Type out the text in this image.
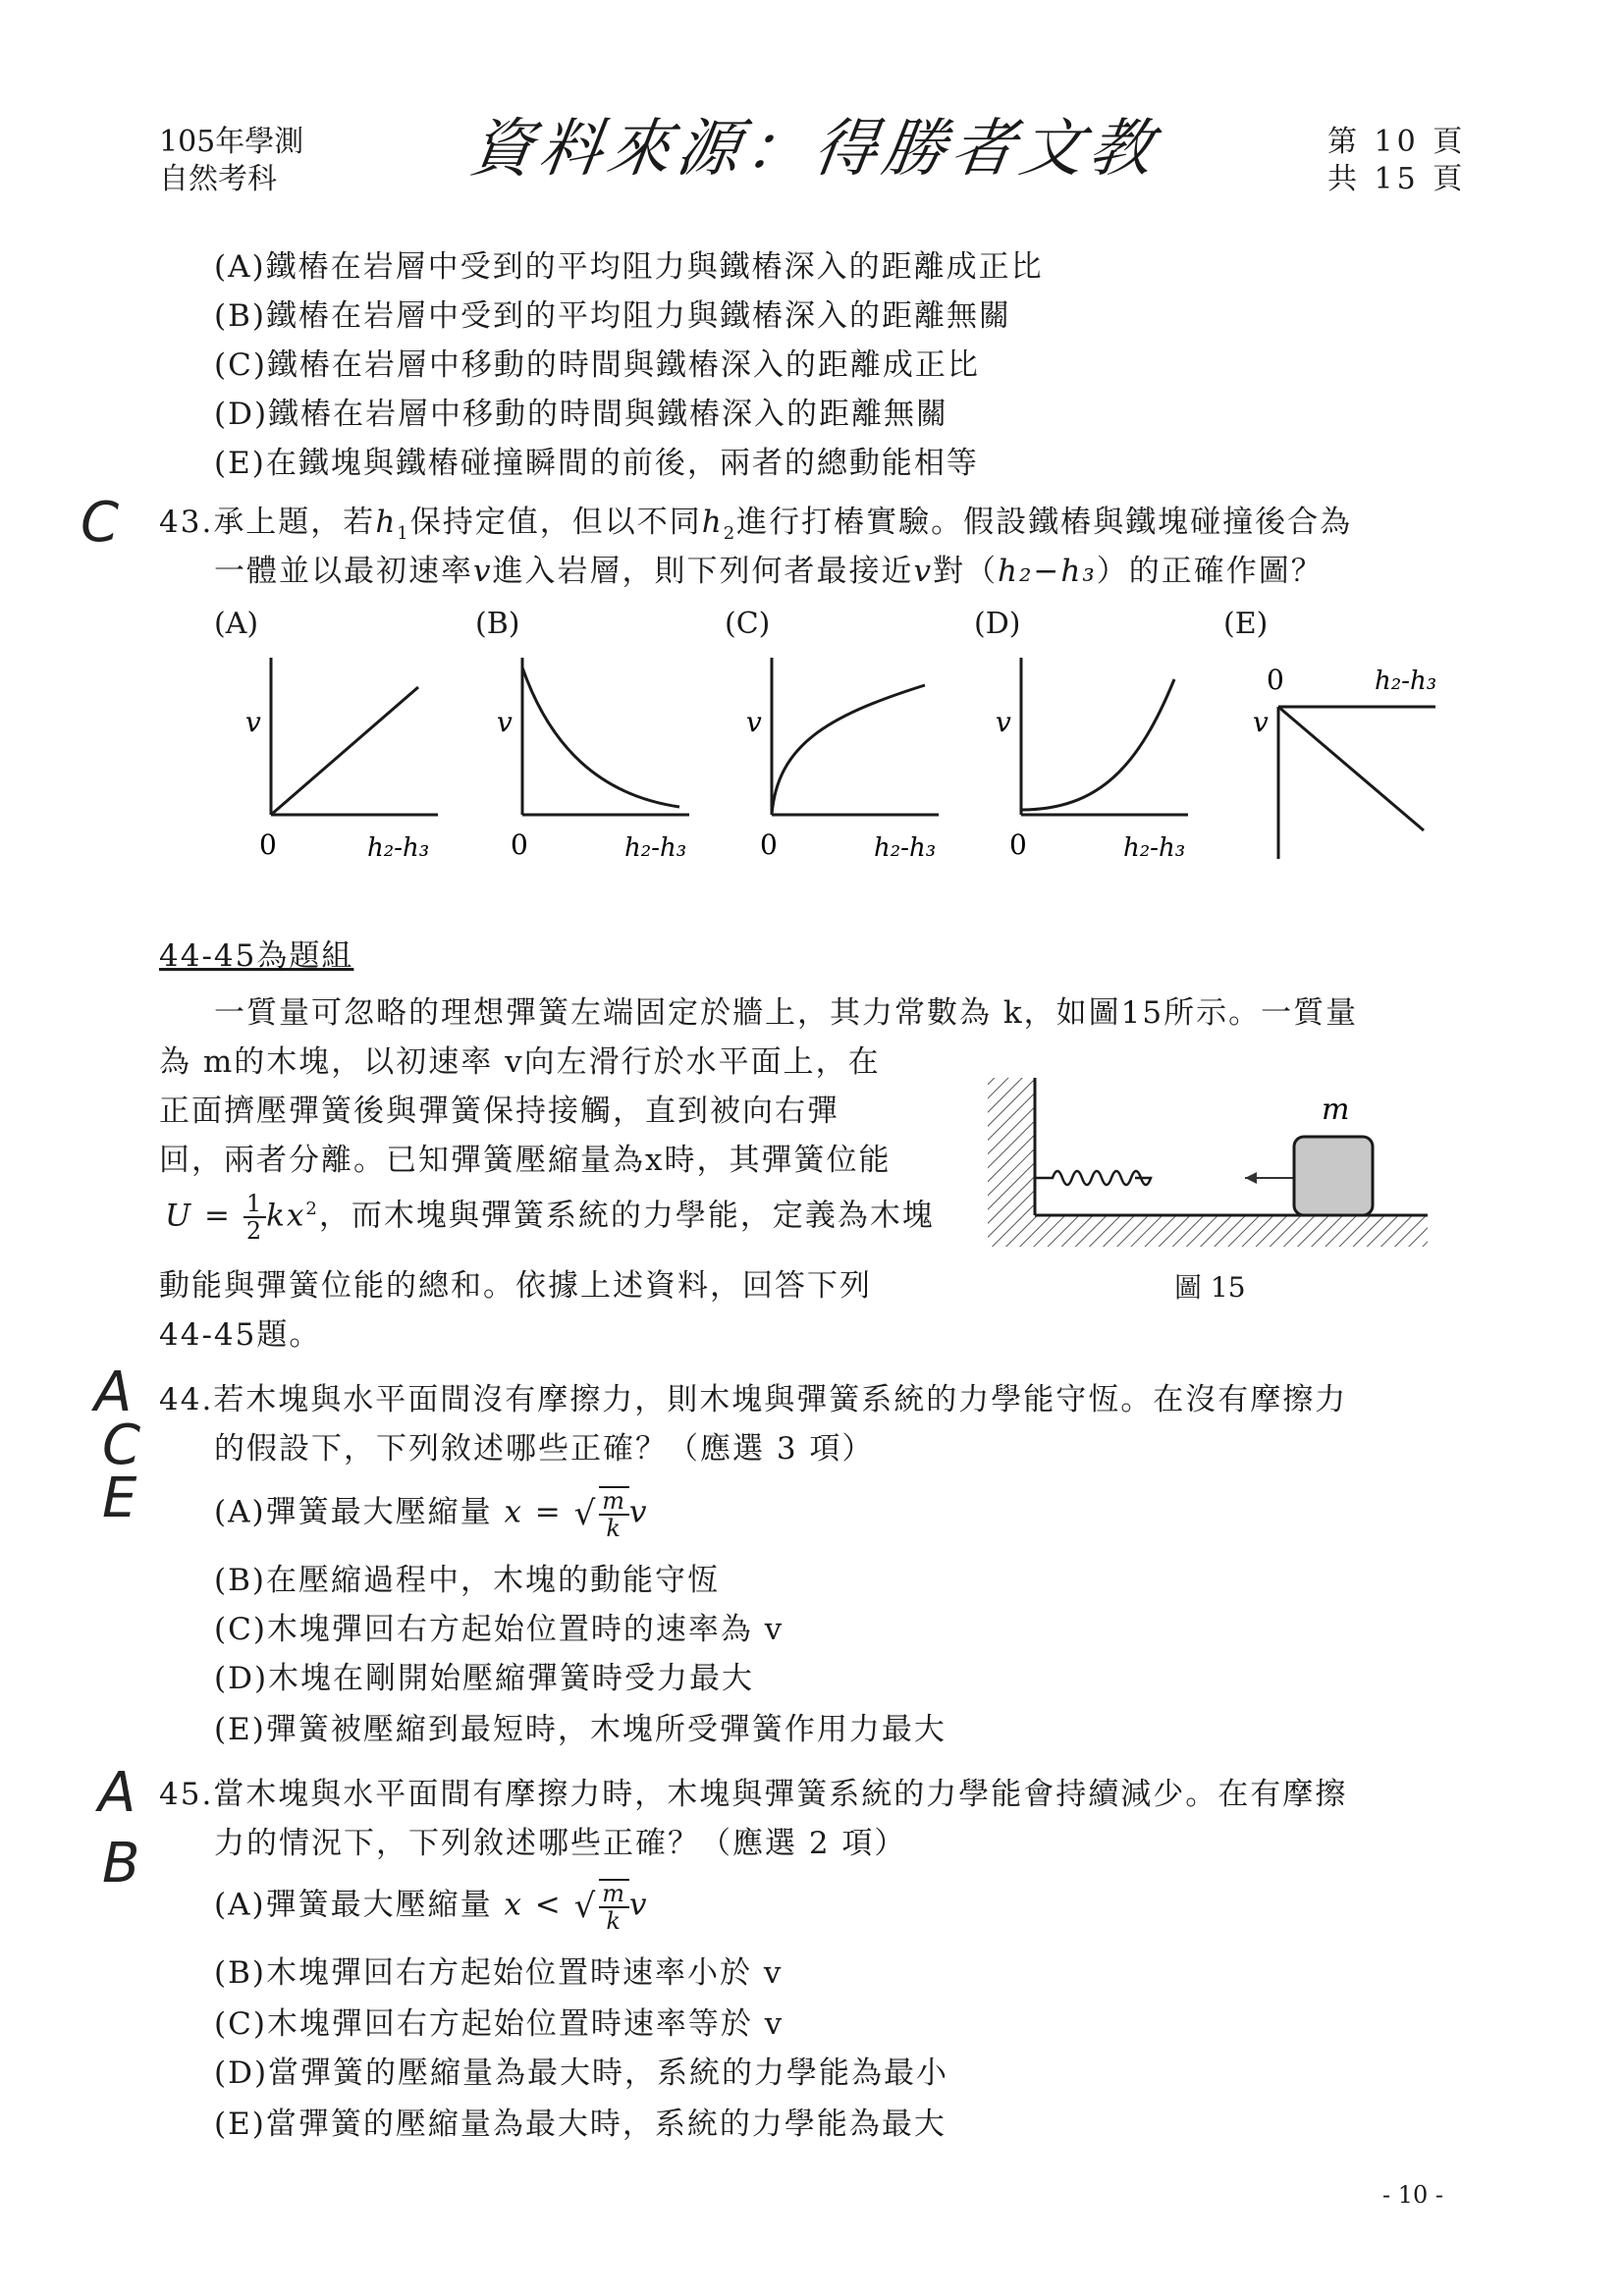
105年學測
自然考科	資料來源：得勝者文教	第 10 頁
共 15 頁
(A)鐵樁在岩層中受到的平均阻力與鐵樁深入的距離成正比
(B)鐵樁在岩層中受到的平均阻力與鐵樁深入的距離無關
(C)鐵樁在岩層中移動的時間與鐵樁深入的距離成正比
(D)鐵樁在岩層中移動的時間與鐵樁深入的距離無關
(E)在鐵塊與鐵樁碰撞瞬間的前後，兩者的總動能相等
C 43.承上題，若$h_1$保持定值，但以不同$h_2$進行打樁實驗。假設鐵樁與鐵塊碰撞後合為
一體並以最初速率v進入岩層，則下列何者最接近v對（h₂−h₃）的正確作圖？
(A)	(B)	(C)	(D)	(E)
v
0	h₂-h₃
v
0	h₂-h₃
v
0	h₂-h₃
v
0	h₂-h₃
v
0	h₂-h₃
44-45為題組
一質量可忽略的理想彈簧左端固定於牆上，其力常數為 k，如圖15所示。一質量
為 m的木塊，以初速率 v向左滑行於水平面上，在
正面擠壓彈簧後與彈簧保持接觸，直到被向右彈
回，兩者分離。已知彈簧壓縮量為x時，其彈簧位能
$U = \frac{1}{2} kx^2$，而木塊與彈簧系統的力學能，定義為木塊
動能與彈簧位能的總和。依據上述資料，回答下列
44-45題。
m
圖 15
A
C
E
44.若木塊與水平面間沒有摩擦力，則木塊與彈簧系統的力學能守恆。在沒有摩擦力
的假設下，下列敘述哪些正確？（應選 3 項）
(A)彈簧最大壓縮量 x = √ $\frac{m}{k}$ v
(B)在壓縮過程中，木塊的動能守恆
(C)木塊彈回右方起始位置時的速率為 v
(D)木塊在剛開始壓縮彈簧時受力最大
(E)彈簧被壓縮到最短時，木塊所受彈簧作用力最大
A
B
45.當木塊與水平面間有摩擦力時，木塊與彈簧系統的力學能會持續減少。在有摩擦
力的情況下，下列敘述哪些正確？（應選 2 項）
(A)彈簧最大壓縮量 x < √ $\frac{m}{k}$ v
(B)木塊彈回右方起始位置時速率小於 v
(C)木塊彈回右方起始位置時速率等於 v
(D)當彈簧的壓縮量為最大時，系統的力學能為最小
(E)當彈簧的壓縮量為最大時，系統的力學能為最大
- 10 -
